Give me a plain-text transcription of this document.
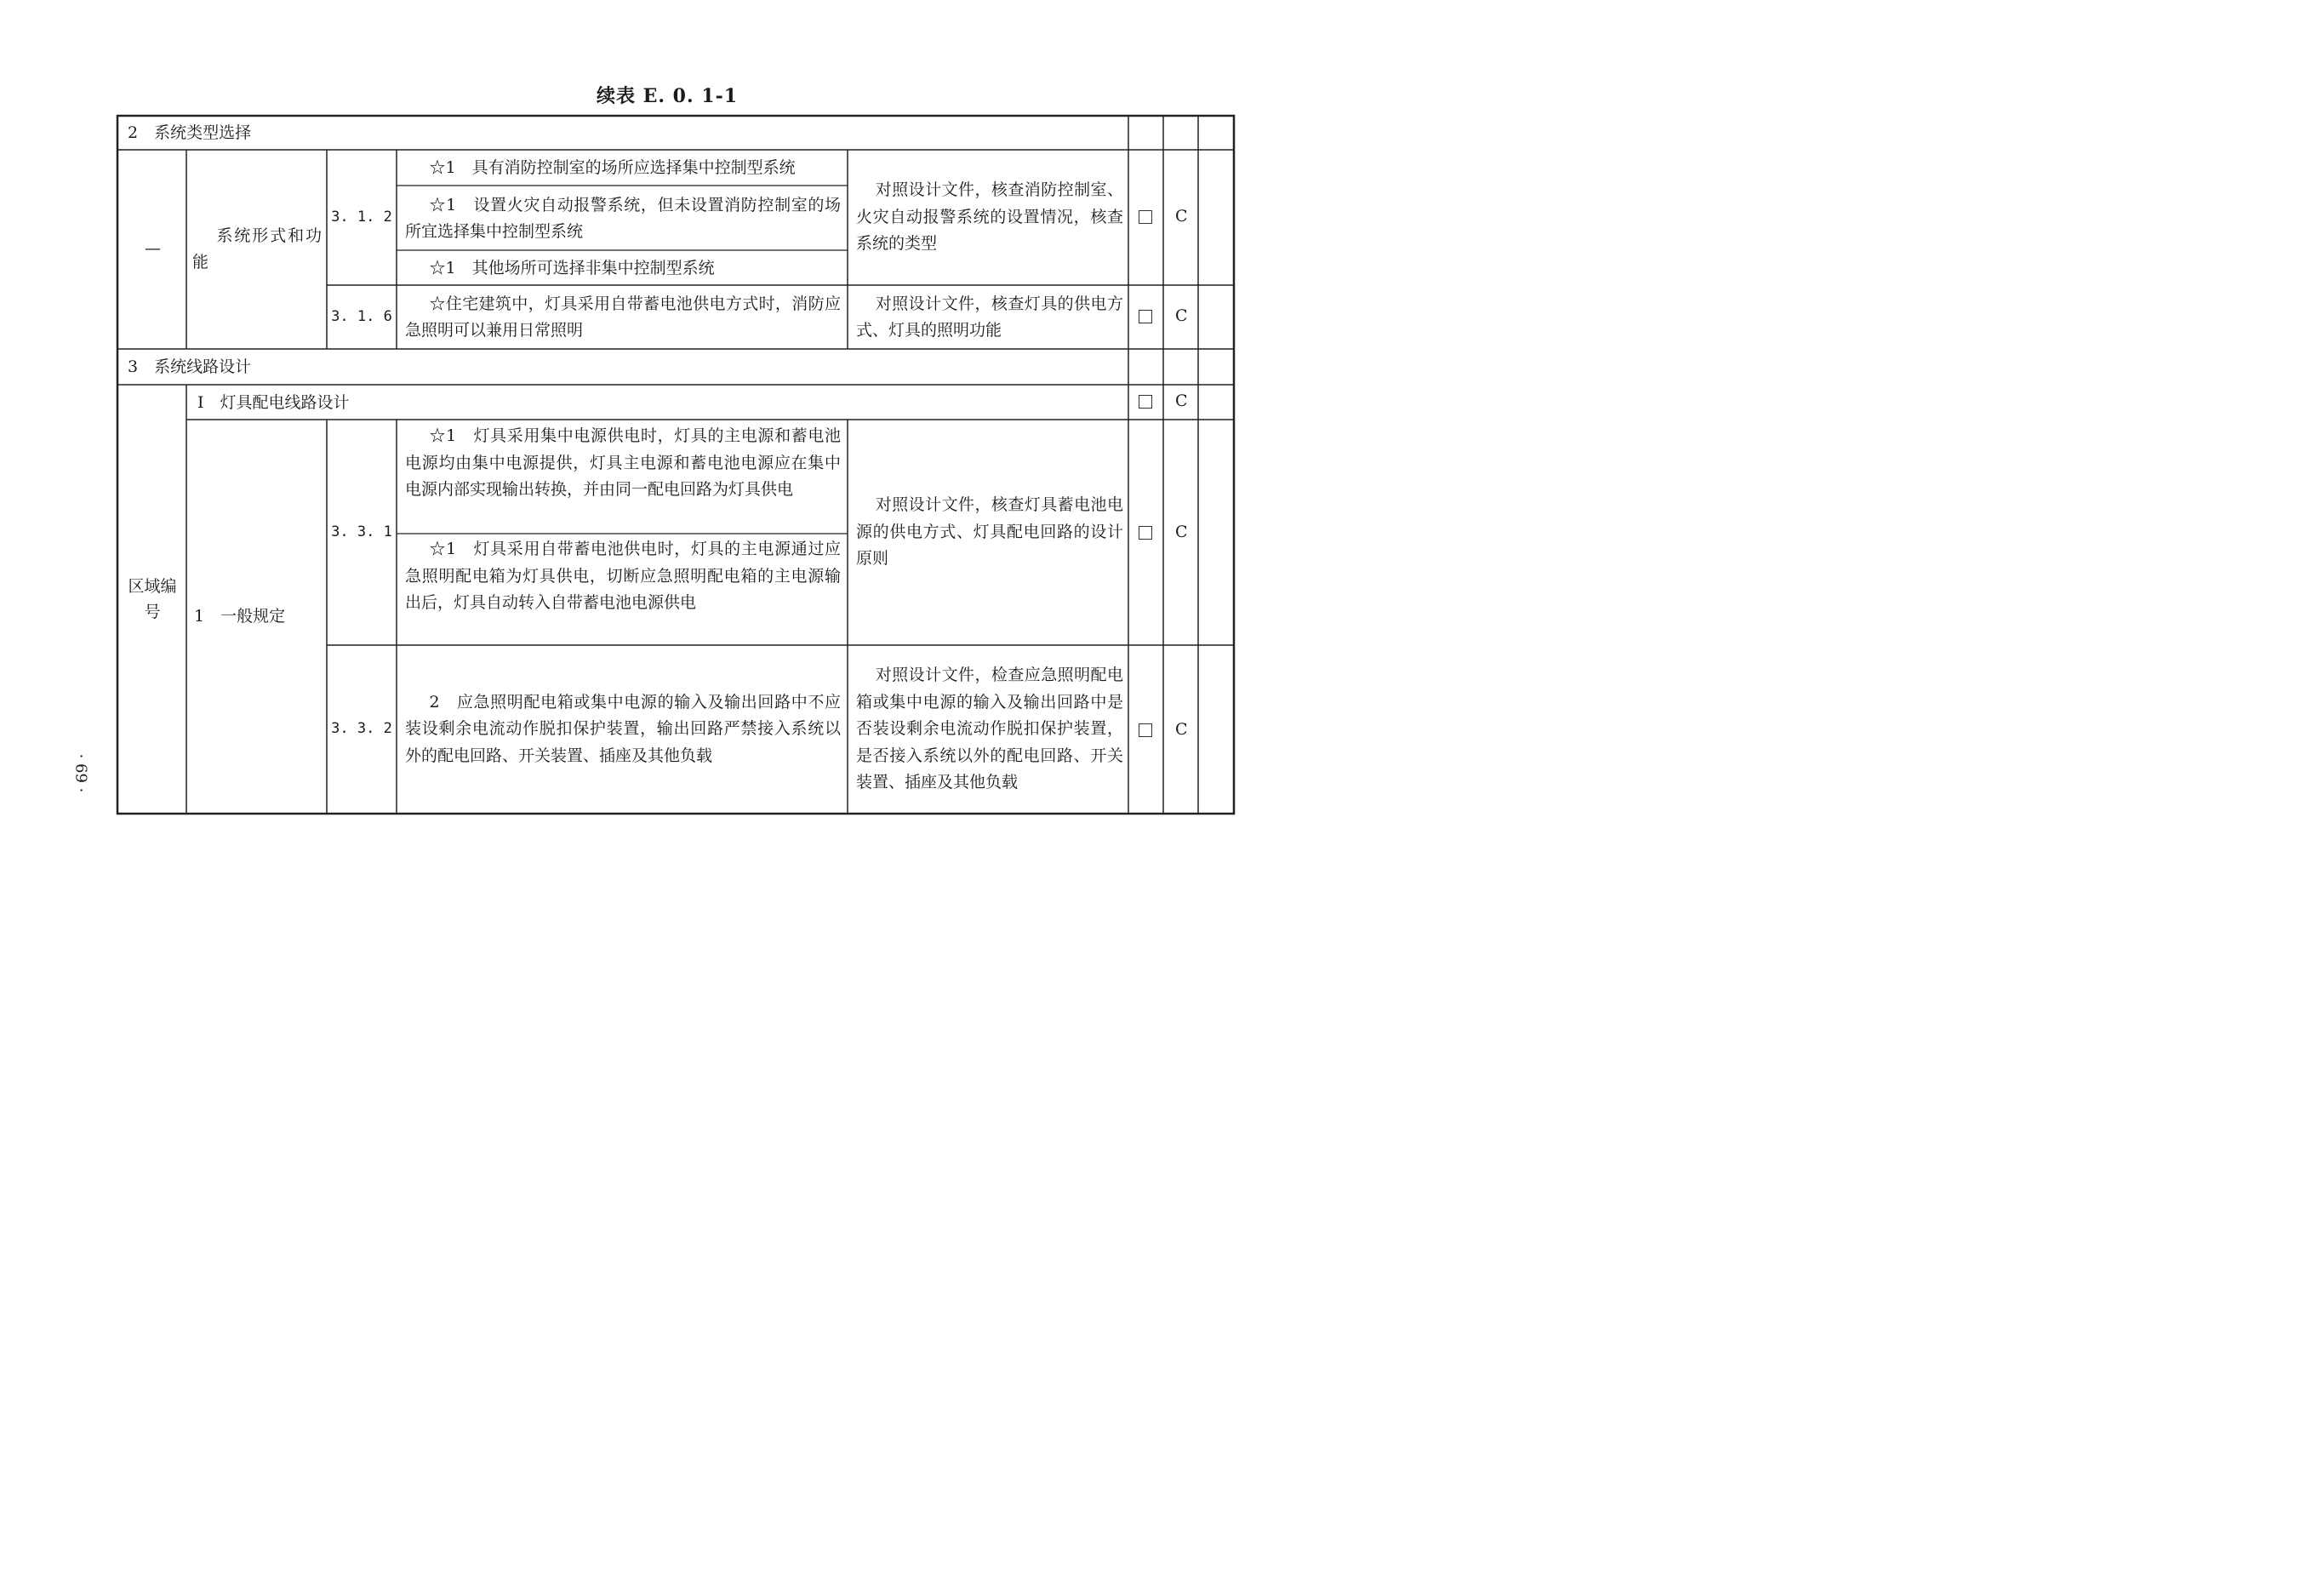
续表 E. 0. 1-1
2　系统类型选择
—
系统形式和功能
3. 1. 2
☆1　具有消防控制室的场所应选择集中控制型系统
☆1　设置火灾自动报警系统，但未设置消防控制室的场所宜选择集中控制型系统
☆1　其他场所可选择非集中控制型系统
对照设计文件，核查消防控制室、火灾自动报警系统的设置情况，核查系统的类型
C
3. 1. 6
☆住宅建筑中，灯具采用自带蓄电池供电方式时，消防应急照明可以兼用日常照明
对照设计文件，核查灯具的供电方式、灯具的照明功能
C
3　系统线路设计
区域编号
Ⅰ　灯具配电线路设计	C
1　一般规定
3. 3. 1
☆1　灯具采用集中电源供电时，灯具的主电源和蓄电池电源均由集中电源提供，灯具主电源和蓄电池电源应在集中电源内部实现输出转换，并由同一配电回路为灯具供电
☆1　灯具采用自带蓄电池供电时，灯具的主电源通过应急照明配电箱为灯具供电，切断应急照明配电箱的主电源输出后，灯具自动转入自带蓄电池电源供电
对照设计文件，核查灯具蓄电池电源的供电方式、灯具配电回路的设计原则
C
3. 3. 2
2　应急照明配电箱或集中电源的输入及输出回路中不应装设剩余电流动作脱扣保护装置，输出回路严禁接入系统以外的配电回路、开关装置、插座及其他负载
对照设计文件，检查应急照明配电箱或集中电源的输入及输出回路中是否装设剩余电流动作脱扣保护装置，是否接入系统以外的配电回路、开关装置、插座及其他负载
C
· 69 ·
